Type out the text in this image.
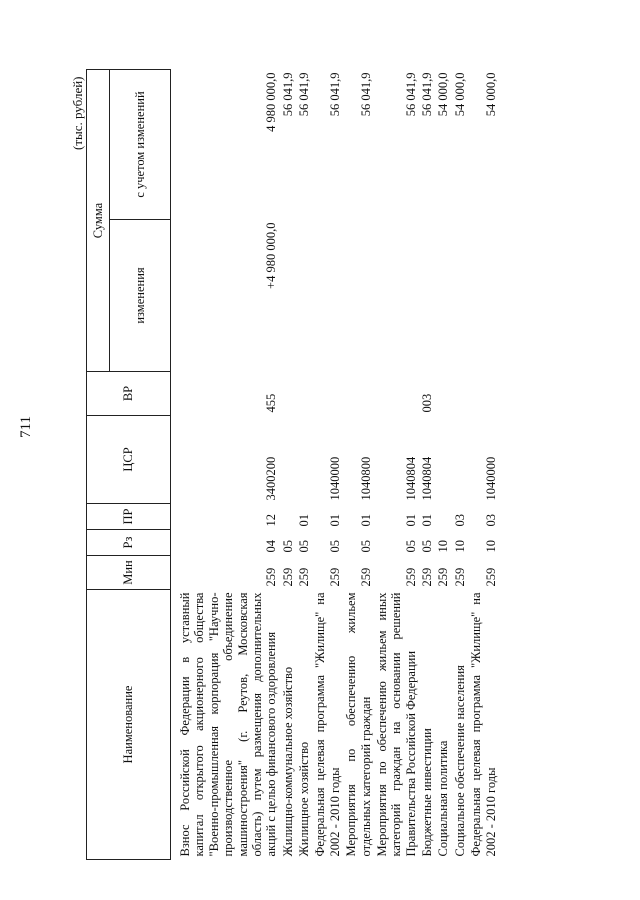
711
(тыс. рублей)
Наименование	Мин	Рз	ПР	ЦСР	ВР	Сумма	
						изменения	с учетом изменений

Взнос Российской Федерации в уставный капитал открытого акционерного общества "Военно-промышленная корпорация "Научно-производственное объединение машиностроения" (г. Реутов, Московская область) путем размещения дополнительных акций с целью финансового оздоровления	259	04	12	3400200	455	+4 980 000,0	4 980 000,0
Жилищно-коммунальное хозяйство	259	05					56 041,9
Жилищное хозяйство	259	05	01				56 041,9
Федеральная целевая программа "Жилище" на 2002 - 2010 годы	259	05	01	1040000			56 041,9
Мероприятия по обеспечению жильем отдельных категорий граждан	259	05	01	1040800			56 041,9
Мероприятия по обеспечению жильем иных категорий граждан на основании решений Правительства Российской Федерации	259	05	01	1040804			56 041,9
Бюджетные инвестиции	259	05	01	1040804	003		56 041,9
Социальная политика	259	10					54 000,0
Социальное обеспечение населения	259	10	03				54 000,0
Федеральная целевая программа "Жилище" на 2002 - 2010 годы	259	10	03	1040000			54 000,0
